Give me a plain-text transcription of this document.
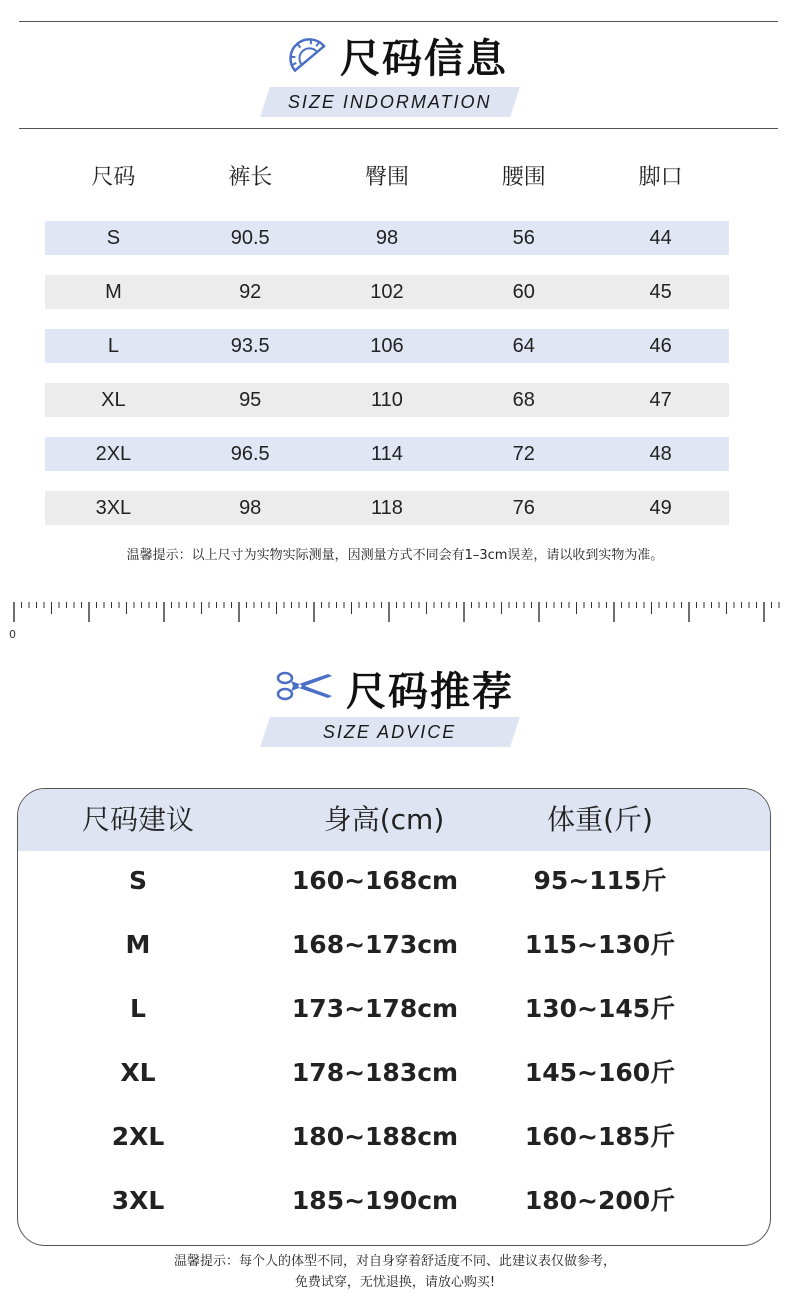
尺码信息
SIZE INDORMATION
尺码	裤长	臀围	腰围	脚口
S	90.5	98	56	44
M	92	102	60	45
L	93.5	106	64	46
XL	95	110	68	47
2XL	96.5	114	72	48
3XL	98	118	76	49
温馨提示：以上尺寸为实物实际测量，因测量方式不同会有1–3cm误差，请以收到实物为准。
0
尺码推荐
SIZE ADVICE
尺码建议	身高(cm)	体重(斤)
S	160~168cm	95~115斤
M	168~173cm	115~130斤
L	173~178cm	130~145斤
XL	178~183cm	145~160斤
2XL	180~188cm	160~185斤
3XL	185~190cm	180~200斤
温馨提示：每个人的体型不同，对自身穿着舒适度不同、此建议表仅做参考，
免费试穿，无忧退换，请放心购买!
